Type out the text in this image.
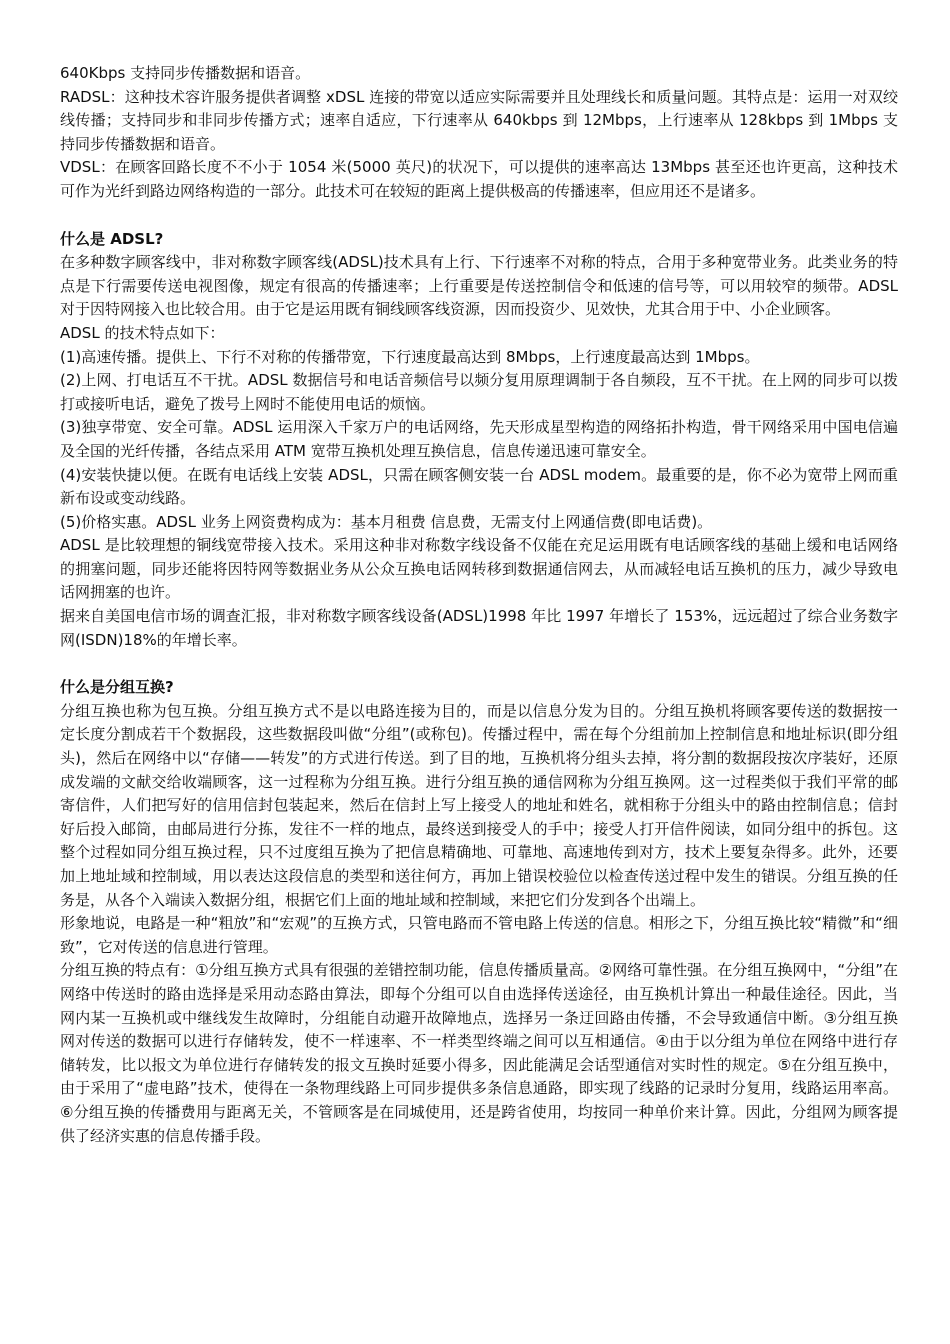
640Kbps 支持同步传播数据和语音。

RADSL：这种技术容许服务提供者调整 xDSL 连接的带宽以适应实际需要并且处理线长和质量问题。其特点是：运用一对双绞线传播；支持同步和非同步传播方式；速率自适应，下行速率从 640kbps 到 12Mbps，上行速率从 128kbps 到 1Mbps 支持同步传播数据和语音。

VDSL：在顾客回路长度不不小于 1054 米(5000 英尺)的状况下，可以提供的速率高达 13Mbps 甚至还也许更高，这种技术可作为光纤到路边网络构造的一部分。此技术可在较短的距离上提供极高的传播速率，但应用还不是诸多。

什么是 ADSL?

在多种数字顾客线中，非对称数字顾客线(ADSL)技术具有上行、下行速率不对称的特点，合用于多种宽带业务。此类业务的特点是下行需要传送电视图像，规定有很高的传播速率；上行重要是传送控制信令和低速的信号等，可以用较窄的频带。ADSL 对于因特网接入也比较合用。由于它是运用既有铜线顾客线资源，因而投资少、见效快，尤其合用于中、小企业顾客。

ADSL 的技术特点如下：

(1)高速传播。提供上、下行不对称的传播带宽，下行速度最高达到 8Mbps，上行速度最高达到 1Mbps。

(2)上网、打电话互不干扰。ADSL 数据信号和电话音频信号以频分复用原理调制于各自频段，互不干扰。在上网的同步可以拨打或接听电话，避免了拨号上网时不能使用电话的烦恼。

(3)独享带宽、安全可靠。ADSL 运用深入千家万户的电话网络，先天形成星型构造的网络拓扑构造，骨干网络采用中国电信遍及全国的光纤传播，各结点采用 ATM 宽带互换机处理互换信息，信息传递迅速可靠安全。

(4)安装快捷以便。在既有电话线上安装 ADSL，只需在顾客侧安装一台 ADSL modem。最重要的是，你不必为宽带上网而重新布设或变动线路。

(5)价格实惠。ADSL 业务上网资费构成为：基本月租费 信息费，无需支付上网通信费(即电话费)。

ADSL 是比较理想的铜线宽带接入技术。采用这种非对称数字线设备不仅能在充足运用既有电话顾客线的基础上缓和电话网络的拥塞问题，同步还能将因特网等数据业务从公众互换电话网转移到数据通信网去，从而减轻电话互换机的压力，减少导致电话网拥塞的也许。

据来自美国电信市场的调查汇报，非对称数字顾客线设备(ADSL)1998 年比 1997 年增长了 153%，远远超过了综合业务数字网(ISDN)18%的年增长率。

什么是分组互换?

分组互换也称为包互换。分组互换方式不是以电路连接为目的，而是以信息分发为目的。分组互换机将顾客要传送的数据按一定长度分割成若干个数据段，这些数据段叫做“分组”(或称包)。传播过程中，需在每个分组前加上控制信息和地址标识(即分组头)，然后在网络中以“存储——转发”的方式进行传送。到了目的地，互换机将分组头去掉，将分割的数据段按次序装好，还原成发端的文献交给收端顾客，这一过程称为分组互换。进行分组互换的通信网称为分组互换网。这一过程类似于我们平常的邮寄信件，人们把写好的信用信封包装起来，然后在信封上写上接受人的地址和姓名，就相称于分组头中的路由控制信息；信封好后投入邮筒，由邮局进行分拣，发往不一样的地点，最终送到接受人的手中；接受人打开信件阅读，如同分组中的拆包。这整个过程如同分组互换过程，只不过度组互换为了把信息精确地、可靠地、高速地传到对方，技术上要复杂得多。此外，还要加上地址域和控制域，用以表达这段信息的类型和送往何方，再加上错误校验位以检查传送过程中发生的错误。分组互换的任务是，从各个入端读入数据分组，根据它们上面的地址域和控制域，来把它们分发到各个出端上。

形象地说，电路是一种“粗放”和“宏观”的互换方式，只管电路而不管电路上传送的信息。相形之下，分组互换比较“精微”和“细致”，它对传送的信息进行管理。

分组互换的特点有：①分组互换方式具有很强的差错控制功能，信息传播质量高。②网络可靠性强。在分组互换网中，“分组”在网络中传送时的路由选择是采用动态路由算法，即每个分组可以自由选择传送途径，由互换机计算出一种最佳途径。因此，当网内某一互换机或中继线发生故障时，分组能自动避开故障地点，选择另一条迂回路由传播，不会导致通信中断。③分组互换网对传送的数据可以进行存储转发，使不一样速率、不一样类型终端之间可以互相通信。④由于以分组为单位在网络中进行存储转发，比以报文为单位进行存储转发的报文互换时延要小得多，因此能满足会话型通信对实时性的规定。⑤在分组互换中，由于采用了“虚电路”技术，使得在一条物理线路上可同步提供多条信息通路，即实现了线路的记录时分复用，线路运用率高。⑥分组互换的传播费用与距离无关，不管顾客是在同城使用，还是跨省使用，均按同一种单价来计算。因此，分组网为顾客提供了经济实惠的信息传播手段。
